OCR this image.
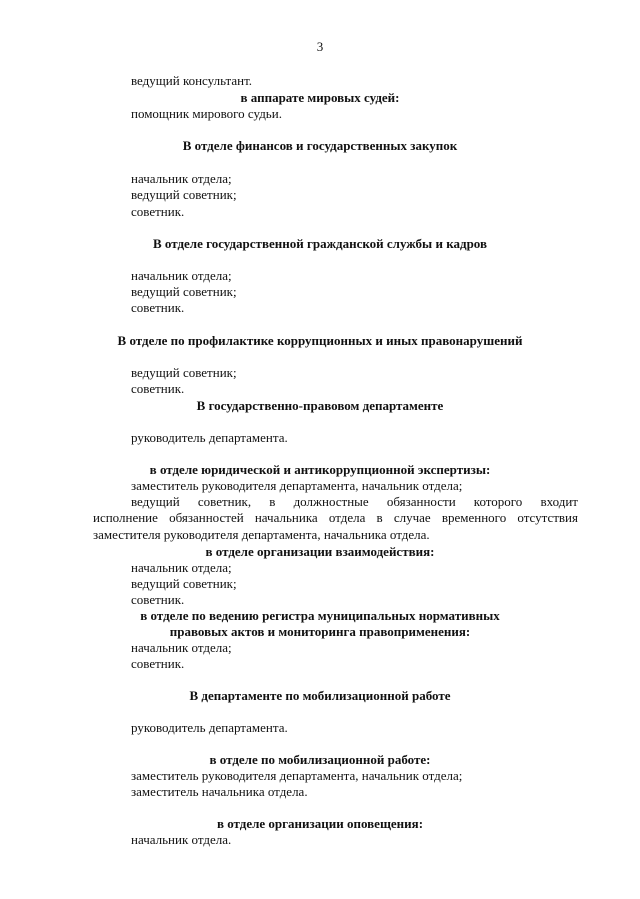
3
ведущий консультант.
в аппарате мировых судей:
помощник мирового судьи.
В отделе финансов и государственных закупок
начальник отдела;
ведущий советник;
советник.
В отделе государственной гражданской службы и кадров
начальник отдела;
ведущий советник;
советник.
В отделе по профилактике коррупционных и иных правонарушений
ведущий советник;
советник.
В государственно-правовом департаменте
руководитель департамента.
в отделе юридической и антикоррупционной экспертизы:
заместитель руководителя департамента, начальник отдела;
ведущий советник, в должностные обязанности которого входит
исполнение обязанностей начальника отдела в случае временного отсутствия
заместителя руководителя департамента, начальника отдела.
в отделе организации взаимодействия:
начальник отдела;
ведущий советник;
советник.
в отделе по ведению регистра муниципальных нормативных
правовых актов и мониторинга правоприменения:
начальник отдела;
советник.
В департаменте по мобилизационной работе
руководитель департамента.
в отделе по мобилизационной работе:
заместитель руководителя департамента, начальник отдела;
заместитель начальника отдела.
в отделе организации оповещения:
начальник отдела.
